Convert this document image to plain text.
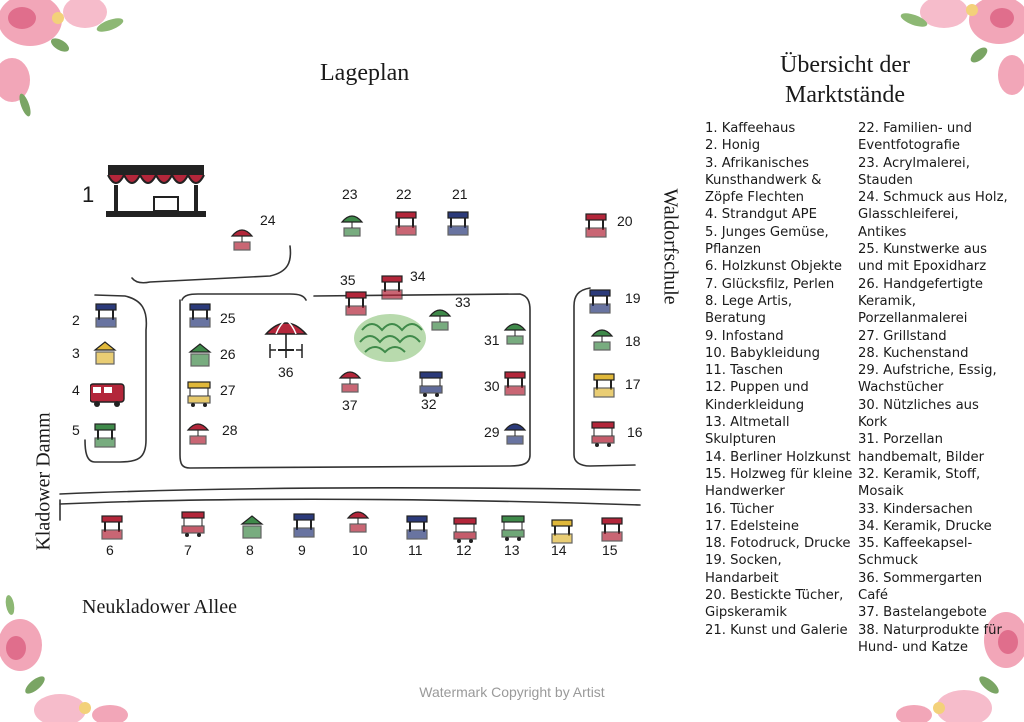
Lageplan	Übersicht der
Marktstände
1
2
3
4
5
6	7	8	9	10	11 12 13 14	15
16
17
18
19
20
21
22
23
24
25
26
27
28	29
30
31
32
33
34
35
36
37
Neukladower Allee
Kladower Damm
Waldorfschule
1. Kaffeehaus
2. Honig
3. Afrikanisches Kunsthandwerk & Zöpfe Flechten
4. Strandgut APE
5. Junges Gemüse, Pflanzen
6. Holzkunst Objekte
7. Glücksfilz, Perlen
8. Lege Artis, Beratung
9. Infostand
10. Babykleidung
11. Taschen
12. Puppen und Kinderkleidung
13. Altmetall Skulpturen
14. Berliner Holzkunst
15. Holzweg für kleine Handwerker
16. Tücher
17. Edelsteine
18. Fotodruck, Drucke
19. Socken, Handarbeit
20. Bestickte Tücher, Gipskeramik
21. Kunst und Galerie
22. Familien- und Eventfotografie
23. Acrylmalerei, Stauden
24. Schmuck aus Holz, Glasschleiferei, Antikes
25. Kunstwerke aus und mit Epoxidharz
26. Handgefertigte Keramik, Porzellanmalerei
27. Grillstand
28. Kuchenstand
29. Aufstriche, Essig, Wachstücher
30. Nützliches aus Kork
31. Porzellan handbemalt, Bilder
32. Keramik, Stoff, Mosaik
33. Kindersachen
34. Keramik, Drucke
35. Kaffeekapsel-Schmuck
36. Sommergarten Café
37. Bastelangebote
38. Naturprodukte für Hund- und Katze
Watermark Copyright by Artist
